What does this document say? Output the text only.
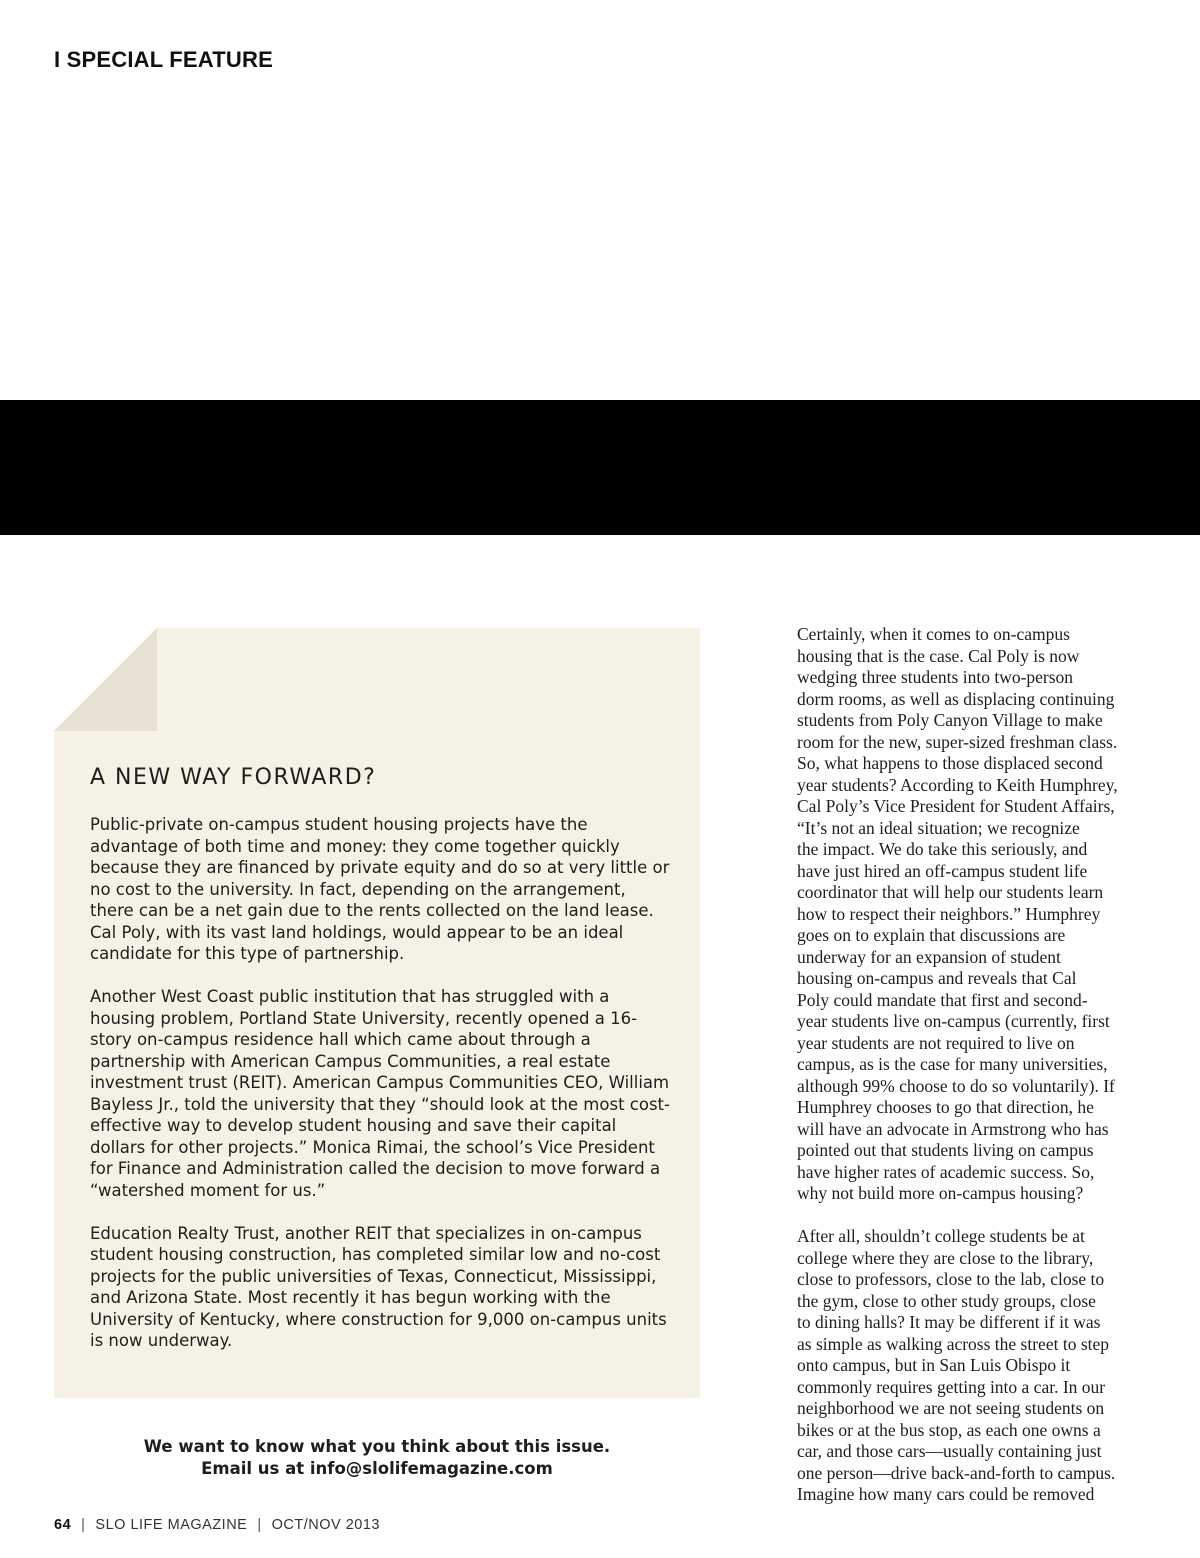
I SPECIAL FEATURE
A NEW WAY FORWARD?

Public-private on-campus student housing projects have the advantage of both time and money: they come together quickly because they are financed by private equity and do so at very little or no cost to the university. In fact, depending on the arrangement, there can be a net gain due to the rents collected on the land lease. Cal Poly, with its vast land holdings, would appear to be an ideal candidate for this type of partnership.

Another West Coast public institution that has struggled with a housing problem, Portland State University, recently opened a 16-story on-campus residence hall which came about through a partnership with American Campus Communities, a real estate investment trust (REIT). American Campus Communities CEO, William Bayless Jr., told the university that they “should look at the most cost-effective way to develop student housing and save their capital dollars for other projects.” Monica Rimai, the school’s Vice President for Finance and Administration called the decision to move forward a “watershed moment for us.”

Education Realty Trust, another REIT that specializes in on-campus student housing construction, has completed similar low and no-cost projects for the public universities of Texas, Connecticut, Mississippi, and Arizona State. Most recently it has begun working with the University of Kentucky, where construction for 9,000 on-campus units is now underway.

We want to know what you think about this issue.

Email us at info@slolifemagazine.com

Certainly, when it comes to on-campus
housing that is the case. Cal Poly is now
wedging three students into two-person
dorm rooms, as well as displacing continuing
students from Poly Canyon Village to make
room for the new, super-sized freshman class.
So, what happens to those displaced second
year students? According to Keith Humphrey,
Cal Poly’s Vice President for Student Affairs,
“It’s not an ideal situation; we recognize
the impact. We do take this seriously, and
have just hired an off-campus student life
coordinator that will help our students learn
how to respect their neighbors.” Humphrey
goes on to explain that discussions are
underway for an expansion of student
housing on-campus and reveals that Cal
Poly could mandate that first and second-
year students live on-campus (currently, first
year students are not required to live on
campus, as is the case for many universities,
although 99% choose to do so voluntarily). If
Humphrey chooses to go that direction, he
will have an advocate in Armstrong who has
pointed out that students living on campus
have higher rates of academic success. So,
why not build more on-campus housing?

After all, shouldn’t college students be at
college where they are close to the library,
close to professors, close to the lab, close to
the gym, close to other study groups, close
to dining halls? It may be different if it was
as simple as walking across the street to step
onto campus, but in San Luis Obispo it
commonly requires getting into a car. In our
neighborhood we are not seeing students on
bikes or at the bus stop, as each one owns a
car, and those cars—usually containing just
one person—drive back-and-forth to campus.
Imagine how many cars could be removed

64 | SLO LIFE MAGAZINE | OCT/NOV 2013
